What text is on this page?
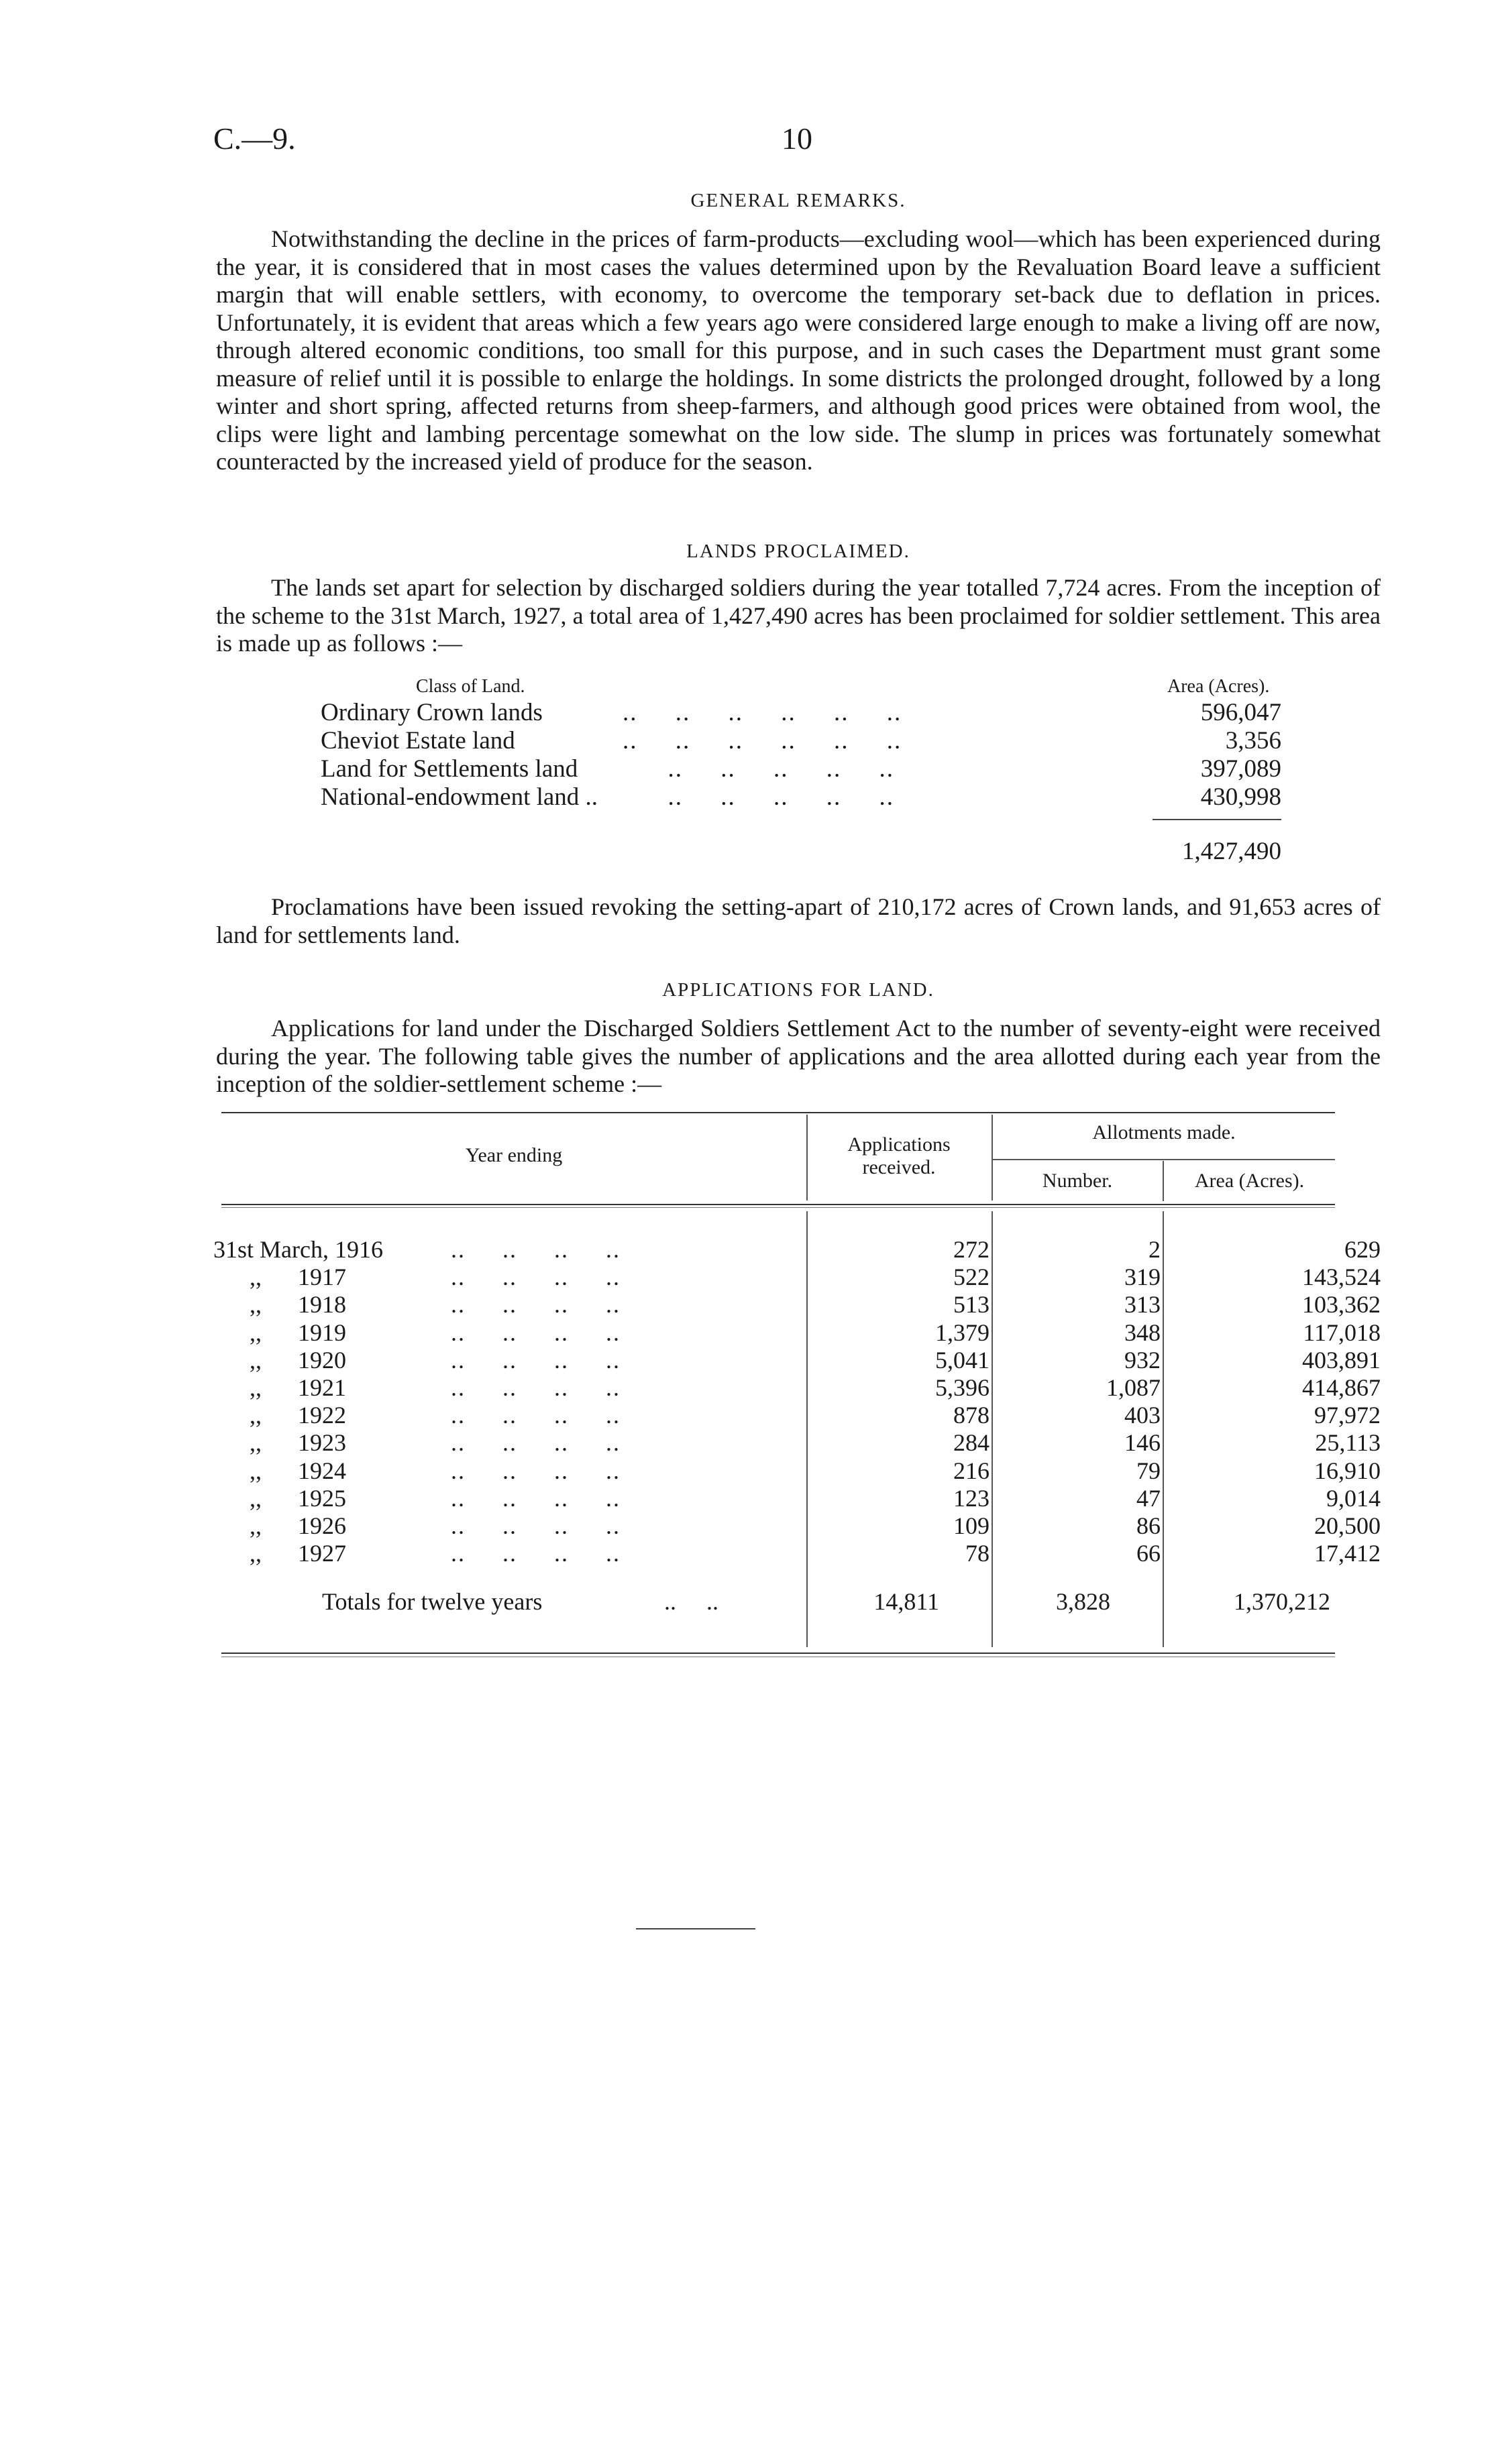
C.—9.	10
GENERAL REMARKS.

Notwithstanding the decline in the prices of farm-products—excluding wool—which has been experienced during the year, it is considered that in most cases the values determined upon by the Revaluation Board leave a sufficient margin that will enable settlers, with economy, to overcome the temporary set-back due to deflation in prices. Unfortunately, it is evident that areas which a few years ago were considered large enough to make a living off are now, through altered economic conditions, too small for this purpose, and in such cases the Department must grant some measure of relief until it is possible to enlarge the holdings. In some districts the prolonged drought, followed by a long winter and short spring, affected returns from sheep-farmers, and although good prices were obtained from wool, the clips were light and lambing percentage somewhat on the low side. The slump in prices was fortunately somewhat counteracted by the increased yield of produce for the season.

LANDS PROCLAIMED.

The lands set apart for selection by discharged soldiers during the year totalled 7,724 acres. From the inception of the scheme to the 31st March, 1927, a total area of 1,427,490 acres has been proclaimed for soldier settlement. This area is made up as follows :—

Class of Land.	Area (Acres).
Ordinary Crown lands	..     ..     ..     ..     ..     ..	596,047
Cheviot Estate land	..     ..     ..     ..     ..     ..	3,356
Land for Settlements land ..     ..     ..     ..     ..	397,089
National-endowment land .. ..     ..     ..     ..     ..	430,998
1,427,490

Proclamations have been issued revoking the setting-apart of 210,172 acres of Crown lands, and 91,653 acres of land for settlements land.

APPLICATIONS FOR LAND.

Applications for land under the Discharged Soldiers Settlement Act to the number of seventy-eight were received during the year. The following table gives the number of applications and the area allotted during each year from the inception of the soldier-settlement scheme :—

Year ending	Applications
received.
Allotments made.
Number.	Area (Acres).
31st March, 1916	..     ..     ..     ..	272	2	629
,,      1917	..     ..     ..     ..	522	319	143,524
,,      1918	..     ..     ..     ..	513	313	103,362
,,      1919	..     ..     ..     ..	1,379	348	117,018
,,      1920	..     ..     ..     ..	5,041	932	403,891
,,      1921	..     ..     ..     ..	5,396	1,087	414,867
,,      1922	..     ..     ..     ..	878	403	97,972
,,      1923	..     ..     ..     ..	284	146	25,113
,,      1924	..     ..     ..     ..	216	79	16,910
,,      1925	..     ..     ..     ..	123	47	9,014
,,      1926	..     ..     ..     ..	109	86	20,500
,,      1927	..     ..     ..     ..	78	66	17,412
Totals for twelve years	..     ..	14,811	3,828	1,370,212
